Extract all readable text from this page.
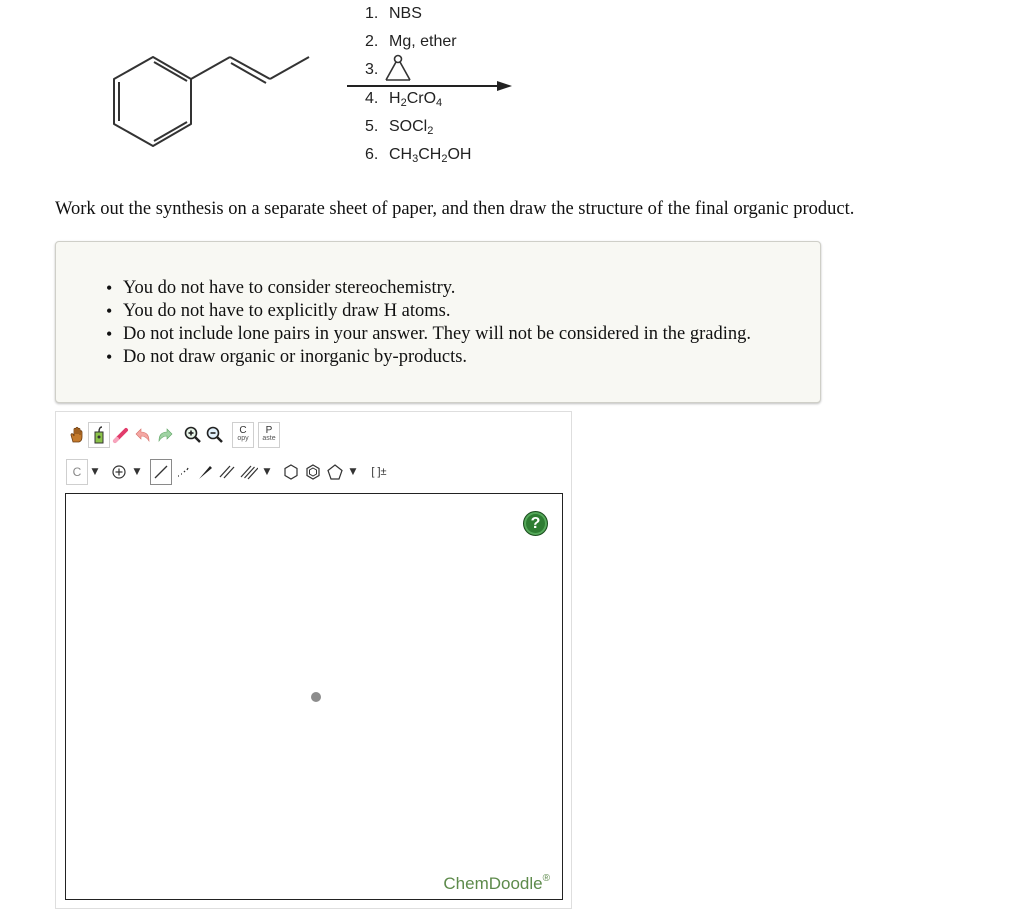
1. NBS
2. Mg, ether
3.
4. $H_2CrO_4$
5. SOCl$_2$
6. $CH_3CH_2OH$
Work out the synthesis on a separate sheet of paper, and then draw the structure of the final organic product.
• You do not have to consider stereochemistry.
• You do not have to explicitly draw H atoms.
• Do not include lone pairs in your answer. They will not be considered in the grading.
• Do not draw organic or inorganic by-products.
C
opy
P
aste
C	▼	▼	▼	▼	[ ]±
?
ChemDoodle®
